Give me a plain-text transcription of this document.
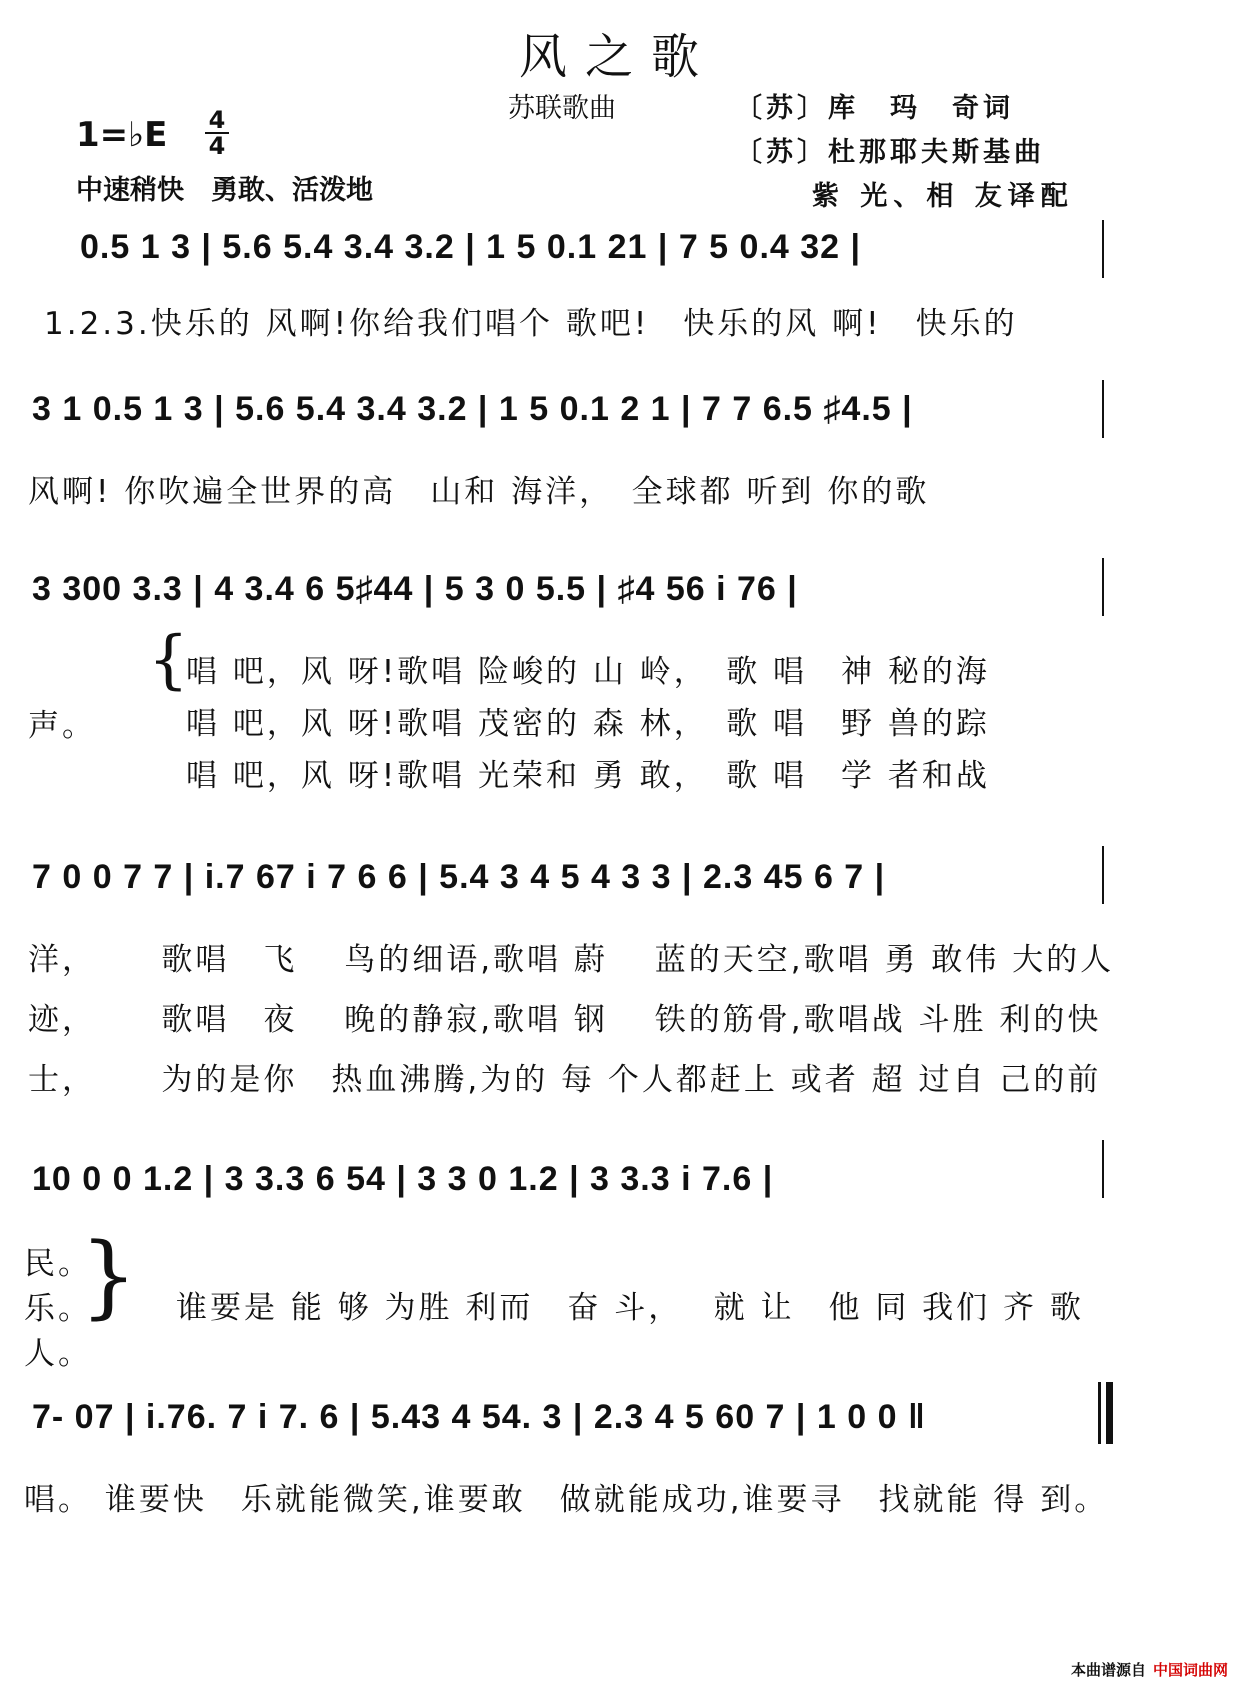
风之歌
苏联歌曲	〔苏〕库　玛　奇词
〔苏〕杜那耶夫斯基曲
紫 光、相 友译配
1=♭E 4
4
中速稍快　勇敢、活泼地
0.5 1 3 | 5.6 5.4 3.4 3.2 | 1 5 0.1 21 | 7 5 0.4 32 |
1.2.3.快乐的 风啊!你给我们唱个 歌吧!　快乐的风 啊!　快乐的
3 1 0.5 1 3 | 5.6 5.4 3.4 3.2 | 1 5 0.1 2 1 | 7 7 6.5 ♯4.5 |
风啊! 你吹遍全世界的高　山和 海洋，　全球都 听到 你的歌
3 300 3.3 | 4 3.4 6 5♯44 | 5 3 0 5.5 | ♯4 56 i 76 |
声。
{
唱 吧，风 呀!歌唱 险峻的 山 岭，　歌 唱　神 秘的海
唱 吧，风 呀!歌唱 茂密的 森 林，　歌 唱　野 兽的踪
唱 吧，风 呀!歌唱 光荣和 勇 敢，　歌 唱　学 者和战
7 0 0 7 7 | i.7 67 i 7 6 6 | 5.4 3 4 5 4 3 3 | 2.3 45 6 7 |
洋，　　 歌唱　飞　 鸟的细语,歌唱 蔚　 蓝的天空,歌唱 勇 敢伟 大的人
迹，　　 歌唱　夜　 晚的静寂,歌唱 钢　 铁的筋骨,歌唱战 斗胜 利的快
士，　　 为的是你　热血沸腾,为的 每 个人都赶上 或者 超 过自 己的前
10 0 0 1.2 | 3 3.3 6 54 | 3 3 0 1.2 | 3 3.3 i 7.6 |
民。
乐。
人。
} 谁要是 能 够 为胜 利而　奋 斗，　 就 让　他 同 我们 齐 歌
7- 07 | i.76. 7 i 7. 6 | 5.43 4 54. 3 | 2.3 4 5 60 7 | 1 0 0 ‖
唱。 谁要快　乐就能微笑,谁要敢　做就能成功,谁要寻　找就能 得 到。
本曲谱源自 中国词曲网
